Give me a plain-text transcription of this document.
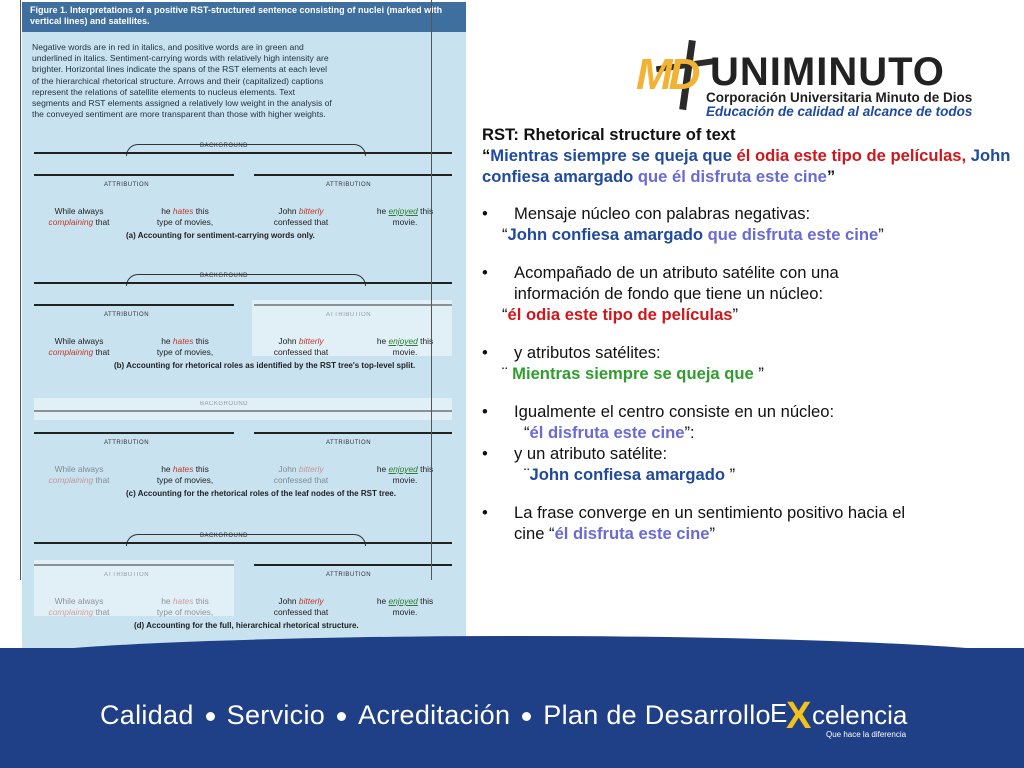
Figure 1. Interpretations of a positive RST-structured sentence consisting of nuclei (marked with vertical lines) and satellites.
Negative words are in red in italics, and positive words are in green and underlined in italics. Sentiment-carrying words with relatively high intensity are brighter. Horizontal lines indicate the spans of the RST elements at each level of the hierarchical rhetorical structure. Arrows and their (capitalized) captions represent the relations of satellite elements to nucleus elements. Text segments and RST elements assigned a relatively low weight in the analysis of the conveyed sentiment are more transparent than those with higher weights.
BACKGROUND
ATTRIBUTION	ATTRIBUTION
While always
complaining that
he hates this
type of movies,
John bitterly
confessed that
he enjoyed this
movie.
(a) Accounting for sentiment-carrying words only.
BACKGROUND
ATTRIBUTION	ATTRIBUTION
While always
complaining that
he hates this
type of movies,
John bitterly
confessed that
he enjoyed this
movie.
(b) Accounting for rhetorical roles as identified by the RST tree's top-level split.
BACKGROUND
ATTRIBUTION	ATTRIBUTION
While always
complaining that
he hates this
type of movies,
John bitterly
confessed that
he enjoyed this
movie.
(c) Accounting for the rhetorical roles of the leaf nodes of the RST tree.
BACKGROUND
ATTRIBUTION	ATTRIBUTION
While always
complaining that
he hates this
type of movies,
John bitterly
confessed that
he enjoyed this
movie.
(d) Accounting for the full, hierarchical rhetorical structure.
MD UNIMINUTO
Corporación Universitaria Minuto de Dios
Educación de calidad al alcance de todos
RST: Rhetorical structure of text
“Mientras siempre se queja que él odia este tipo de películas, John confiesa amargado que él disfruta este cine”
• Mensaje núcleo con palabras negativas:
“John confiesa amargado que disfruta este cine”
• Acompañado de un atributo satélite con una
información de fondo que tiene un núcleo:
“él odia este tipo de películas”
• y atributos satélites:
¨ Mientras siempre se queja que ”
• Igualmente el centro consiste en un núcleo:
“él disfruta este cine”:
• y un atributo satélite:
¨John confiesa amargado ”
• La frase converge en un sentimiento positivo hacia el
cine “él disfruta este cine”
Calidad Servicio Acreditación Plan de Desarrollo E
X celencia
Que hace la diferencia
